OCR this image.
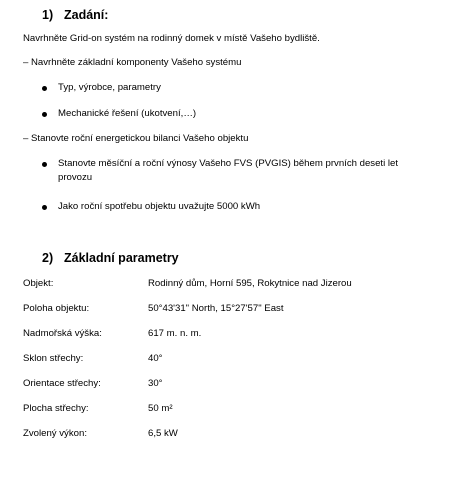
1) Zadání:
Navrhněte Grid-on systém na rodinný domek v místě Vašeho bydliště.
– Navrhněte základní komponenty Vašeho systému
Typ, výrobce, parametry
Mechanické řešení (ukotvení,…)
– Stanovte roční energetickou bilanci Vašeho objektu
Stanovte měsíční a roční výnosy Vašeho FVS (PVGIS) během prvních deseti let provozu
Jako roční spotřebu objektu uvažujte 5000 kWh
2) Základní parametry
Objekt:	Rodinný dům, Horní 595, Rokytnice nad Jizerou
Poloha objektu:	50°43'31" North, 15°27'57" East
Nadmořská výška:	617 m. n. m.
Sklon střechy:	40°
Orientace střechy:	30°
Plocha střechy:	50 m²
Zvolený výkon:	6,5 kW
